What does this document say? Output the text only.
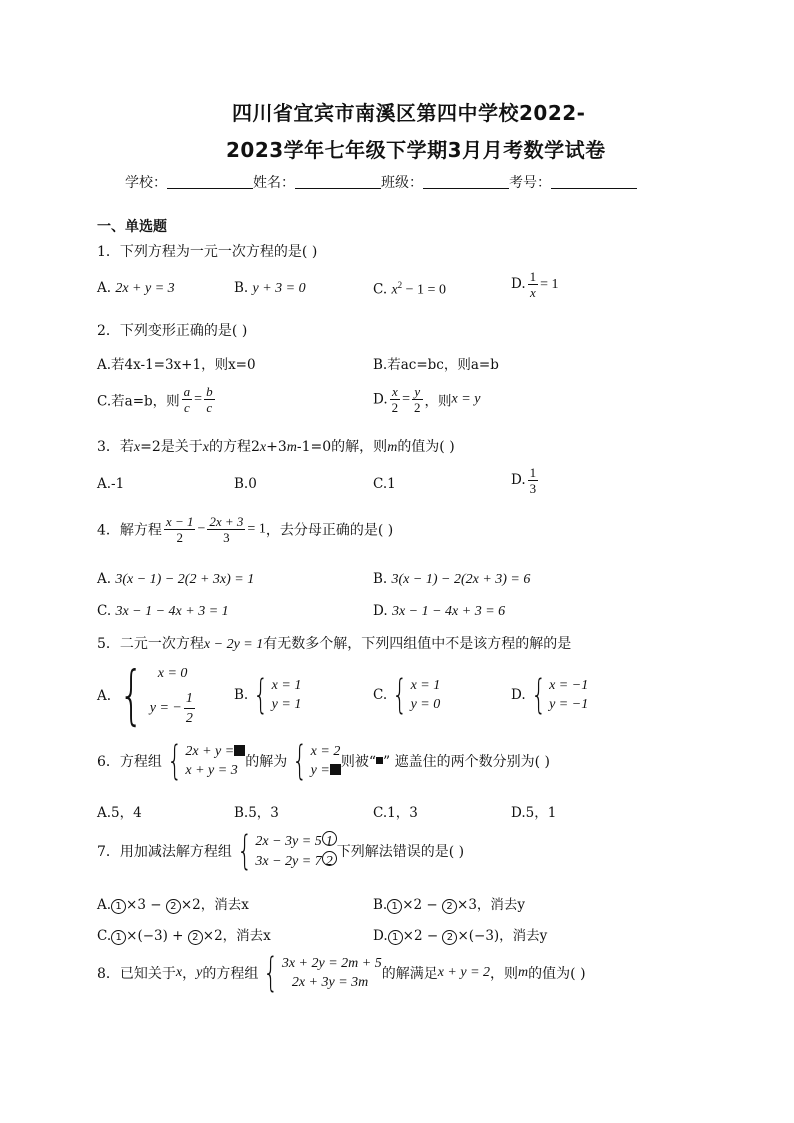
四川省宜宾市南溪区第四中学校2022-
2023学年七年级下学期3月月考数学试卷
学校：	姓名：	班级：	考号：
一、单选题
1．下列方程为一元一次方程的是( )
A. 2x + y = 3	B. y + 3 = 0	C. $x^2 - 1 = 0$	D. $\frac{1}{x} = 1$
2．下列变形正确的是( )
A.若4x-1=3x+1，则x=0	B.若ac=bc，则a=b
C.若a=b，则 $\frac{a}{c} = \frac{b}{c}$	D. $\frac{x}{2} = \frac{y}{2}$ ，则x = y
3．若x=2是关于x的方程2x+3m-1=0的解，则m的值为( )
A.-1	B.0	C.1	D. $\frac{1}{3}$
4．解方程 $\frac{x - 1}{2} - \frac{2x + 3}{3} = 1$，去分母正确的是( )
A. 3(x − 1) − 2(2 + 3x) = 1	B. 3(x − 1) − 2(2x + 3) = 6
C. 3x − 1 − 4x + 3 = 1	D. 3x − 1 − 4x + 3 = 6
5．二元一次方程x − 2y = 1有无数多个解，下列四组值中不是该方程的解的是
A. {	x = 0
y = − $\frac{1}{2}$	B. { x = 1
y = 1
C. { x = 1
y = 0
D. { x = −1
y = −1
6．方程组 { 2x + y =
x + y = 3
的解为 { x = 2
y =
则被“ ” 遮盖住的两个数分别为( )
A.5，4	B.5，3	C.1，3	D.5，1
7．用加减法解方程组 { 2x − 3y = 5 1
3x − 2y = 7 2
下列解法错误的是( )
A. 1 ×3 − 2 ×2，消去x	B. 1 ×2 − 2 ×3，消去y
C. 1 ×(−3) + 2 ×2，消去x	D. 1 ×2 − 2 ×(−3)，消去y
8．已知关于x，y的方程组 { 3x + 2y = 2m + 5
2x + 3y = 3m
的解满足x + y = 2，则m的值为( )
